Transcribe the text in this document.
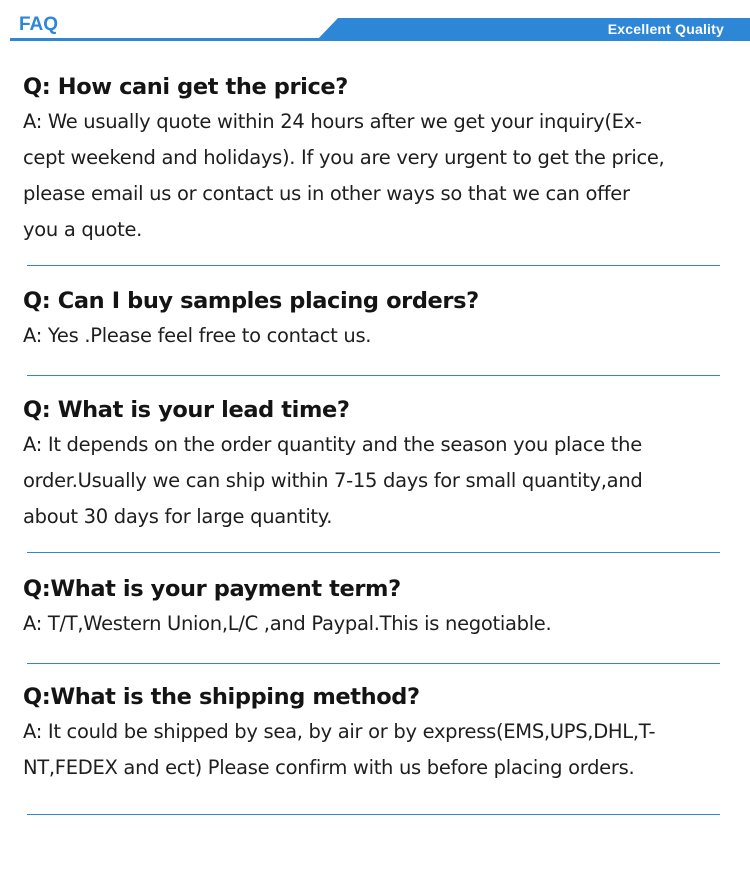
FAQ	Excellent Quality
Q: How cani get the price?
A: We usually quote within 24 hours after we get your inquiry(Ex-
cept weekend and holidays). If you are very urgent to get the price,
please email us or contact us in other ways so that we can offer
you a quote.
Q: Can I buy samples placing orders?
A: Yes .Please feel free to contact us.
Q: What is your lead time?
A: It depends on the order quantity and the season you place the
order.Usually we can ship within 7-15 days for small quantity,and
about 30 days for large quantity.
Q:What is your payment term?
A: T/T,Western Union,L/C ,and Paypal.This is negotiable.
Q:What is the shipping method?
A: It could be shipped by sea, by air or by express(EMS,UPS,DHL,T-
NT,FEDEX and ect) Please confirm with us before placing orders.
